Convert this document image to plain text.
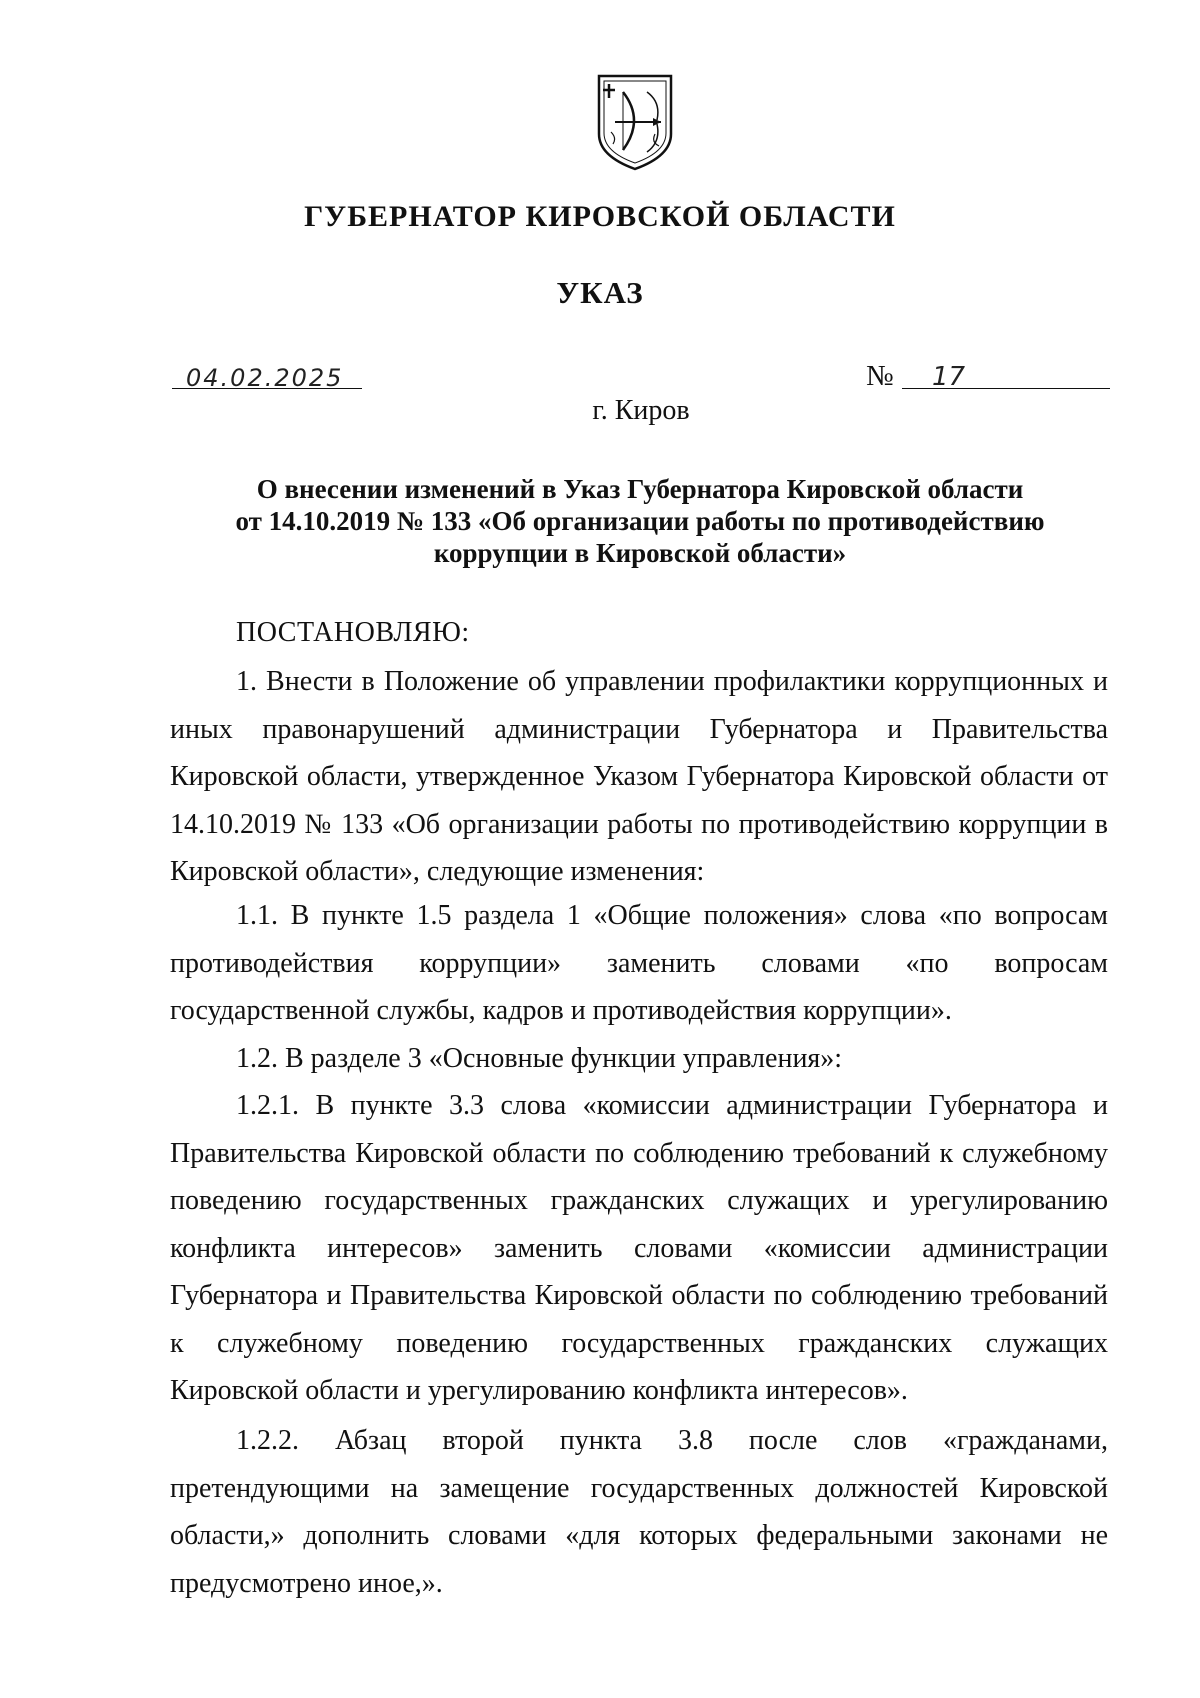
ГУБЕРНАТОР КИРОВСКОЙ ОБЛАСТИ
УКАЗ
04.02.2025	№ 17
г. Киров
О внесении изменений в Указ Губернатора Кировской области
от 14.10.2019 № 133 «Об организации работы по противодействию
коррупции в Кировской области»
ПОСТАНОВЛЯЮ:
1. Внести в Положение об управлении профилактики коррупционных и иных правонарушений администрации Губернатора и Правительства Кировской области, утвержденное Указом Губернатора Кировской области от 14.10.2019 № 133 «Об организации работы по противодействию коррупции в Кировской области», следующие изменения:
1.1. В пункте 1.5 раздела 1 «Общие положения» слова «по вопросам противодействия коррупции» заменить словами «по вопросам государственной службы, кадров и противодействия коррупции».
1.2. В разделе 3 «Основные функции управления»:
1.2.1. В пункте 3.3 слова «комиссии администрации Губернатора и Правительства Кировской области по соблюдению требований к служебному поведению государственных гражданских служащих и урегулированию конфликта интересов» заменить словами «комиссии администрации Губернатора и Правительства Кировской области по соблюдению требований к служебному поведению государственных гражданских служащих Кировской области и урегулированию конфликта интересов».
1.2.2. Абзац второй пункта 3.8 после слов «гражданами, претендующими на замещение государственных должностей Кировской области,» дополнить словами «для которых федеральными законами не предусмотрено иное,».
